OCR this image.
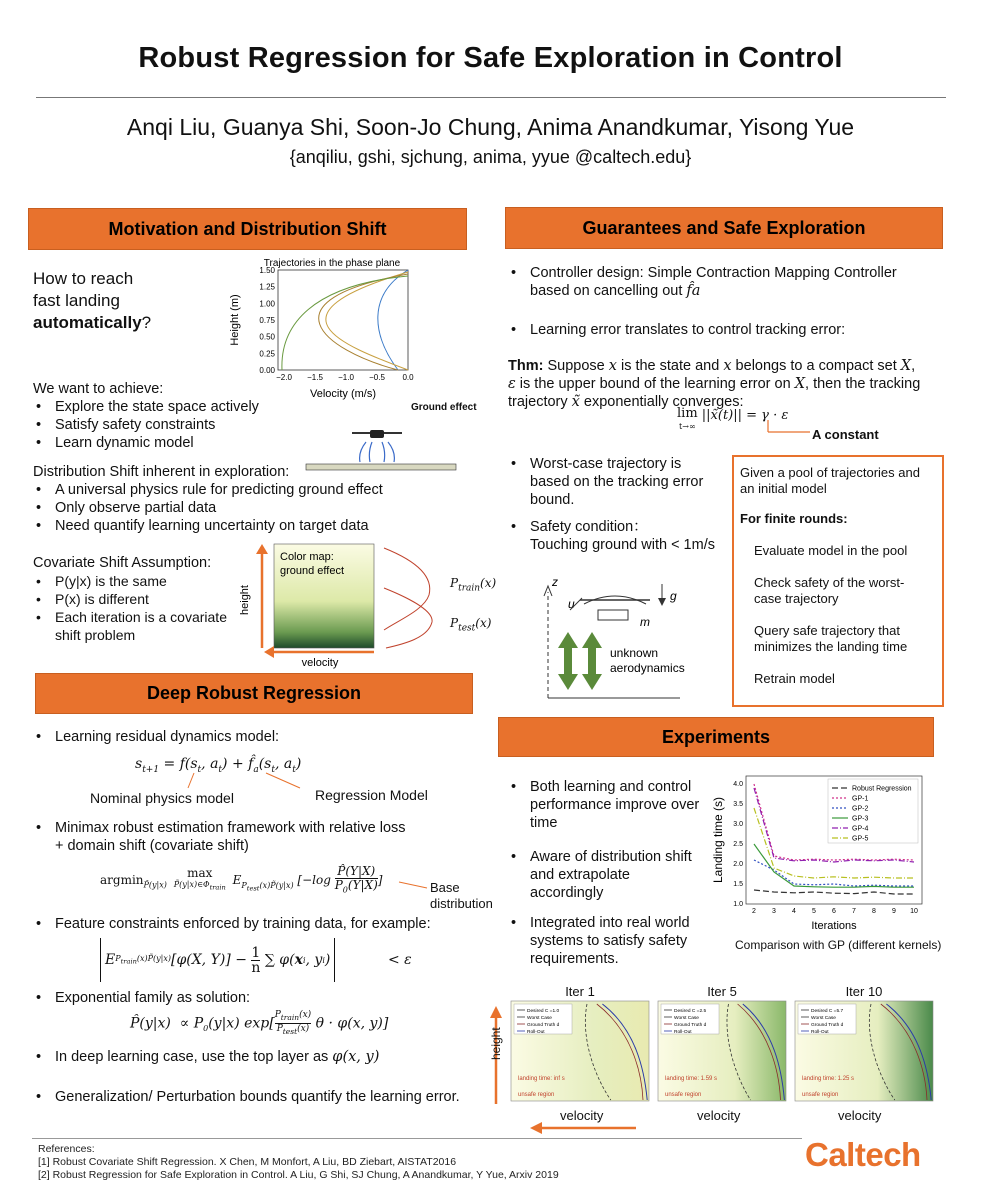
Robust Regression for Safe Exploration in Control
Anqi Liu, Guanya Shi, Soon-Jo Chung, Anima Anandkumar, Yisong Yue
{anqiliu, gshi, sjchung, anima, yyue @caltech.edu}
Motivation and Distribution Shift
How to reach
fast landing
automatically?
Trajectories in the phase plane
0.00
0.25
0.50
0.75
1.00
1.25
1.50
−2.0 −1.5 −1.0 −0.5 0.0
Velocity (m/s)
Height (m)
Ground effect
We want to achieve:
• Explore the state space actively
• Satisfy safety constraints
• Learn dynamic model
Distribution Shift inherent in exploration:
• A universal physics rule for predicting ground effect
• Only observe partial data
• Need quantify learning uncertainty on target data
Covariate Shift Assumption:
• P(y|x) is the same
• P(x) is different
• Each iteration is a covariate shift problem
Color map:
ground effect
height
velocity
$P_{train}(x)$
$P_{test}(x)$
Deep Robust Regression
• Learning residual dynamics model:
$s_{t+1} = f(s_t$, $a_t$) + $f̂_a(s_t$, $a_t$)
Nominal physics model	Regression Model
• Minimax robust estimation framework with relative loss
+ domain shift (covariate shift)
argmin$_{P̂(y|x)}$ max
$P̃(y|x)\in\Phi_{train}$ $E_{P_{test}(x)P̃(y|x)}$ $[-\log \frac{P̂(Y|X)}{P_0(Y|X)}]$	Base
distribution
• Feature constraints enforced by training data, for example:
E $P_{train}(x)P̃(y|x)$ [φ(X, Y)] − 1
n ∑ φ( x i , y i )	< ε
• Exponential family as solution:
P̂(y|x)  ∝ $P_0(y|x)$ exp[
$P_{train}(x)$
$P_{test}(x) \theta \cdot \varphi(x$, y)]
• In deep learning case, use the top layer as φ(x, y)
• Generalization/ Perturbation bounds quantify the learning error.
Guarantees and Safe Exploration
• Controller design: Simple Contraction Mapping Controller
based on cancelling out f̂a
• Learning error translates to control tracking error:
Thm: Suppose x is the state and x belongs to a compact set X,
ε is the upper bound of the learning error on X, then the tracking
trajectory x̃ exponentially converges:
lim
t→∞ ||x̃(t)|| = γ · ε
A constant
• Worst-case trajectory is
based on the tracking error
bound.
• Safety condition：
Touching ground with < 1m/s
Given a pool of trajectories and
an initial model
For finite rounds:
Evaluate model in the pool
Check safety of the worst-
case trajectory
Query safe trajectory that
minimizes the landing time
Retrain model
z
u
g
m
unknown
aerodynamics
Experiments
• Both learning and control
performance improve over
time
• Aware of distribution shift
and extrapolate
accordingly
• Integrated into real world
systems to satisfy safety
requirements.
1.0
1.5
2.0
2.5
3.0
3.5
4.0
2 3 4 5 6 7 8 9 10
Robust Regression
GP-1
GP-2
GP-3
GP-4
GP-5
Landing time (s)
Iterations
Comparison with GP (different kernels)
Iter 1
Desired C =1.0
Worst Case
Ground Truth d
Roll-Out
landing time: inf s
unsafe region
Iter 5
Desired C =2.5
Worst Case
Ground Truth d
Roll-Out
landing time: 1.59 s
unsafe region
Iter 10
Desired C =5.7
Worst Case
Ground Truth d
Roll-Out
landing time: 1.25 s
unsafe region
height
velocity	velocity	velocity
References:
[1] Robust Covariate Shift Regression. X Chen, M Monfort, A Liu, BD Ziebart, AISTAT2016
[2] Robust Regression for Safe Exploration in Control. A Liu, G Shi, SJ Chung, A Anandkumar, Y Yue, Arxiv 2019
Caltech
